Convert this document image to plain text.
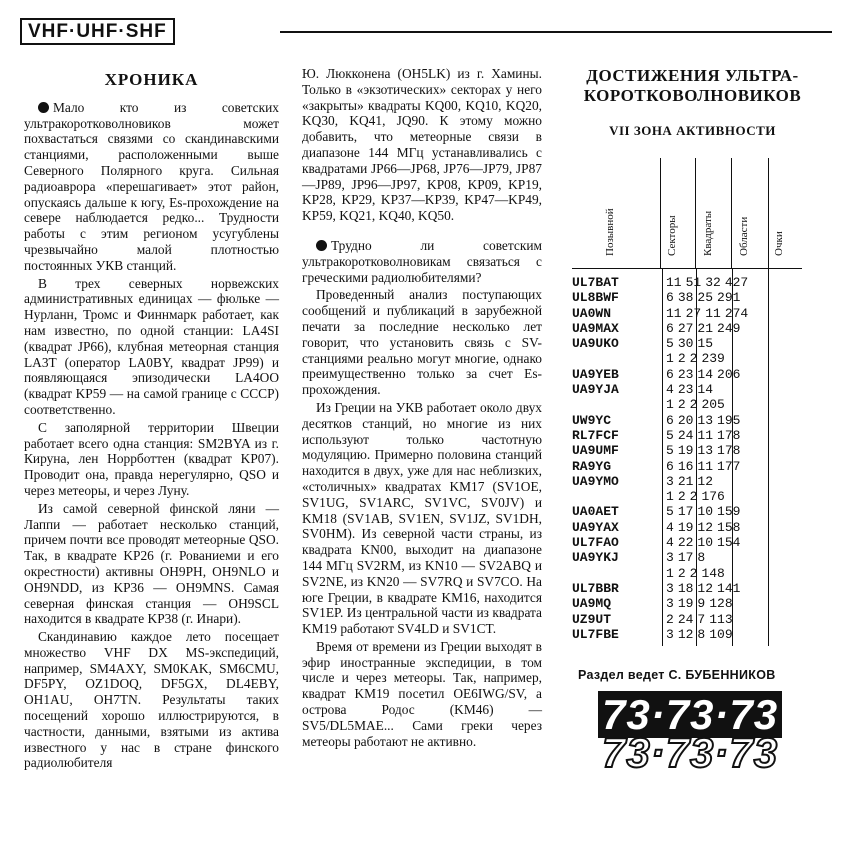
VHF·UHF·SHF
ХРОНИКА

Мало кто из советских ультракоротковолновиков может похвастаться связями со скандинавскими станциями, расположенными выше Северного Полярного круга. Сильная радиоаврора «перешагивает» этот район, опускаясь дальше к югу, Es-прохождение на севере наблюдается редко... Трудности работы с этим регионом усугублены чрезвычайно малой плотностью постоянных УКВ станций.

В трех северных норвежских административных единицах — фюльке — Нурланн, Тромс и Финнмарк работает, как нам известно, по одной станции: LA4SI (квадрат JP66), клубная метеорная станция LA3T (оператор LA0BY, квадрат JP99) и появляющаяся эпизодически LA4OO (квадрат KP59 — на самой границе с СССР) соответственно.

С заполярной территории Швеции работает всего одна станция: SM2BYA из г. Кируна, лен Норрботтен (квадрат KP07). Проводит она, правда нерегулярно, QSO и через метеоры, и через Луну.

Из самой северной финской ляни — Лаппи — работает несколько станций, причем почти все проводят метеорные QSO. Так, в квадрате KP26 (г. Рованиеми и его окрестности) активны OH9PH, OH9NLO и OH9NDD, из KP36 — OH9MNS. Самая северная финская станция — OH9SCL находится в квадрате KP38 (г. Инари).

Скандинавию каждое лето посещает множество VHF DX MS-экспедиций, например, SM4AXY, SM0KAK, SM6CMU, DF5PY, OZ1DOQ, DF5GX, DL4EBY, OH1AU, OH7TN. Результаты таких посещений хорошо иллюстрируются, в частности, данными, взятыми из актива известного у нас в стране финского радиолюбителя

Ю. Люкконена (OH5LK) из г. Хамины. Только в «экзотических» секторах у него «закрыты» квадраты KQ00, KQ10, KQ20, KQ30, KQ41, JQ90. К этому можно добавить, что метеорные связи в диапазоне 144 МГц устанавливались с квадратами JP66—JP68, JP76—JP79, JP87—JP89, JP96—JP97, KP08, KP09, KP19, KP28, KP29, KP37—KP39, KP47—KP49, KP59, KQ21, KQ40, KQ50.

Трудно ли советским ультракоротковолновикам связаться с греческими радиолюбителями?

Проведенный анализ поступающих сообщений и публикаций в зарубежной печати за последние несколько лет говорит, что установить связь с SV-станциями реально могут многие, однако преимущественно только за счет Es-прохождения.

Из Греции на УКВ работает около двух десятков станций, но многие из них используют только частотную модуляцию. Примерно половина станций находится в двух, уже для нас неблизких, «столичных» квадратах KM17 (SV1OE, SV1UG, SV1ARC, SV1VC, SV0JV) и KM18 (SV1AB, SV1EN, SV1JZ, SV1DH, SV0HM). Из северной части страны, из квадрата KN00, выходит на диапазоне 144 МГц SV2RM, из KN10 — SV2ABQ и SV2NE, из KN20 — SV7RQ и SV7CO. На юге Греции, в квадрате KM16, находится SV1EP. Из центральной части из квадрата KM19 работают SV4LD и SV1CT.

Время от времени из Греции выходят в эфир иностранные экспедиции, в том числе и через метеоры. Так, например, квадрат KM19 посетил OE6IWG/SV, а острова Родос (KM46) — SV5/DL5MAE... Сами греки через метеоры работают не активно.

ДОСТИЖЕНИЯ УЛЬТРА-КОРОТКОВОЛНОВИКОВ
VII ЗОНА АКТИВНОСТИ
Позывной	Секторы Квадраты Области Очки
UL7BAT	11 51 32 427
UL8BWF	6 38 25 291
UA0WN	11 27 11 274
UA9MAX	6 27 21 249
UA9UKO	5 30 15
1 2 2 239
UA9YEB	6 23 14 206
UA9YJA	4 23 14
1 2 2 205
UW9YC	6 20 13 195
RL7FCF	5 24 11 178
UA9UMF	5 19 13 178
RA9YG	6 16 11 177
UA9YMO	3 21 12
1 2 2 176
UA0AET	5 17 10 159
UA9YAX	4 19 12 158
UL7FAO	4 22 10 154
UA9YKJ	3 17 8
1 2 2 148
UL7BBR	3 18 12 141
UA9MQ	3 19 9 128
UZ9UT	2 24 7 113
UL7FBE	3 12 8 109
Раздел ведет С. БУБЕННИКОВ
73·73·73
73·73·73
